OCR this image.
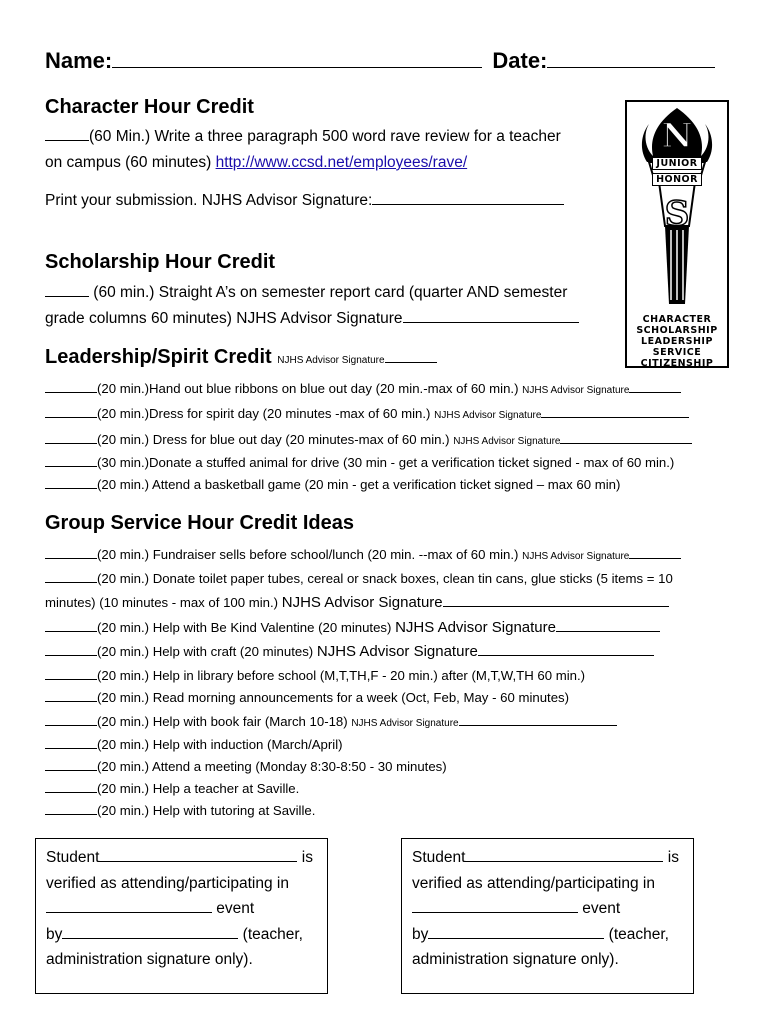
Name:	Date:
Character Hour Credit
(60 Min.) Write a three paragraph 500 word rave review for a teacher
on campus (60 minutes) http://www.ccsd.net/employees/rave/
Print your submission. NJHS Advisor Signature:
Scholarship Hour Credit
(60 min.) Straight A’s on semester report card (quarter AND semester
grade columns 60 minutes) NJHS Advisor Signature
Leadership/Spirit Credit NJHS Advisor Signature
(20 min.)Hand out blue ribbons on blue out day (20 min.-max of 60 min.) NJHS Advisor Signature
(20 min.)Dress for spirit day (20 minutes -max of 60 min.) NJHS Advisor Signature
(20 min.) Dress for blue out day (20 minutes-max of 60 min.) NJHS Advisor Signature
(30 min.)Donate a stuffed animal for drive (30 min - get a verification ticket signed - max of 60 min.)
(20 min.) Attend a basketball game (20 min - get a verification ticket signed – max 60 min)
Group Service Hour Credit Ideas
(20 min.) Fundraiser sells before school/lunch (20 min. --max of 60 min.) NJHS Advisor Signature
(20 min.) Donate toilet paper tubes, cereal or snack boxes, clean tin cans, glue sticks (5 items = 10
minutes) (10 minutes - max of 100 min.) NJHS Advisor Signature
(20 min.) Help with Be Kind Valentine (20 minutes) NJHS Advisor Signature
(20 min.) Help with craft (20 minutes) NJHS Advisor Signature
(20 min.) Help in library before school (M,T,TH,F - 20 min.) after (M,T,W,TH 60 min.)
(20 min.) Read morning announcements for a week (Oct, Feb, May - 60 minutes)
(20 min.) Help with book fair (March 10-18) NJHS Advisor Signature
(20 min.) Help with induction (March/April)
(20 min.) Attend a meeting (Monday 8:30-8:50 - 30 minutes)
(20 min.) Help a teacher at Saville.
(20 min.) Help with tutoring at Saville.
Student	is
verified as attending/participating in
event
by	(teacher,
administration signature only).
Student	is
verified as attending/participating in
event
by	(teacher,
administration signature only).
N
JUNIOR
HONOR
S
CHARACTER
SCHOLARSHIP
LEADERSHIP
SERVICE
CITIZENSHIP
